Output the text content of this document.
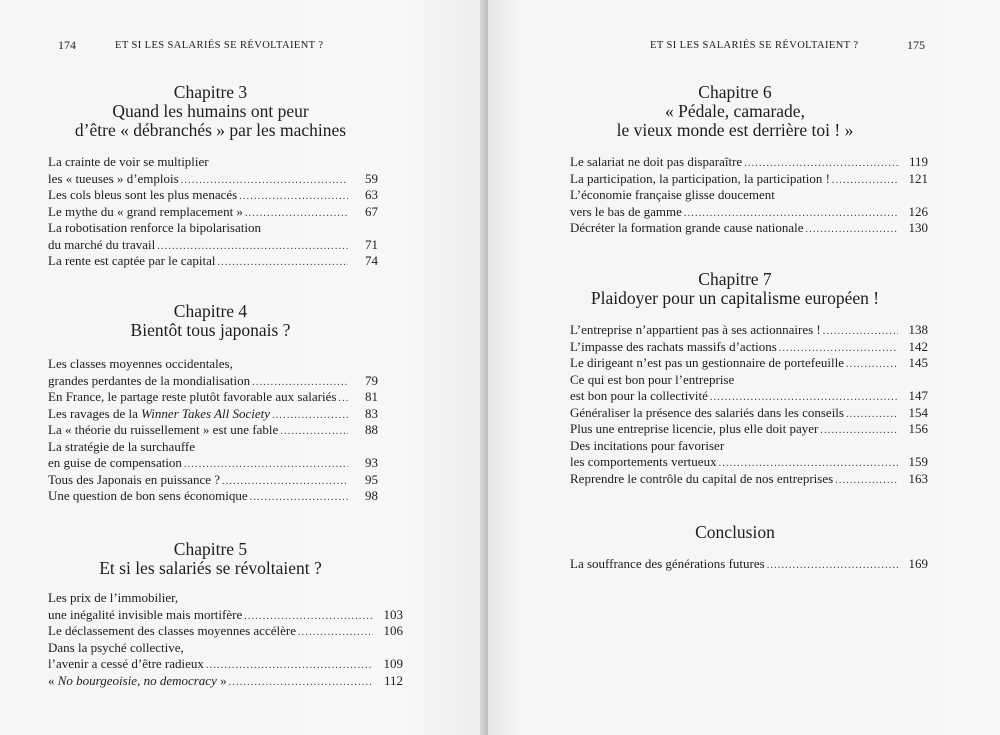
174	ET SI LES SALARIÉS SE RÉVOLTAIENT ?
Chapitre 3
Quand les humains ont peur
d’être « débranchés » par les machines
La crainte de voir se multiplier
les « tueuses » d’emplois .....	59
Les cols bleus sont les plus menacés .....	63
Le mythe du « grand remplacement » .....	67
La robotisation renforce la bipolarisation
du marché du travail .....	71
La rente est captée par le capital .....	74
Chapitre 4
Bientôt tous japonais ?
Les classes moyennes occidentales,
grandes perdantes de la mondialisation .....	79
En France, le partage reste plutôt favorable aux salariés .....	81
Les ravages de la Winner Takes All Society .....	83
La « théorie du ruissellement » est une fable .....	88
La stratégie de la surchauffe
en guise de compensation .....	93
Tous des Japonais en puissance ? .....	95
Une question de bon sens économique .....	98
Chapitre 5
Et si les salariés se révoltaient ?
Les prix de l’immobilier,
une inégalité invisible mais mortifère .....	103
Le déclassement des classes moyennes accélère .....	106
Dans la psyché collective,
l’avenir a cessé d’être radieux .....	109
« No bourgeoisie, no democracy » .....	112
ET SI LES SALARIÉS SE RÉVOLTAIENT ?	175
Chapitre 6
« Pédale, camarade,
le vieux monde est derrière toi ! »
Le salariat ne doit pas disparaître .....	119
La participation, la participation, la participation ! .....	121
L’économie française glisse doucement
vers le bas de gamme .....	126
Décréter la formation grande cause nationale .....	130
Chapitre 7
Plaidoyer pour un capitalisme européen !
L’entreprise n’appartient pas à ses actionnaires ! .....	138
L’impasse des rachats massifs d’actions .....	142
Le dirigeant n’est pas un gestionnaire de portefeuille .....	145
Ce qui est bon pour l’entreprise
est bon pour la collectivité .....	147
Généraliser la présence des salariés dans les conseils .....	154
Plus une entreprise licencie, plus elle doit payer .....	156
Des incitations pour favoriser
les comportements vertueux .....	159
Reprendre le contrôle du capital de nos entreprises .....	163
Conclusion
La souffrance des générations futures .....	169
